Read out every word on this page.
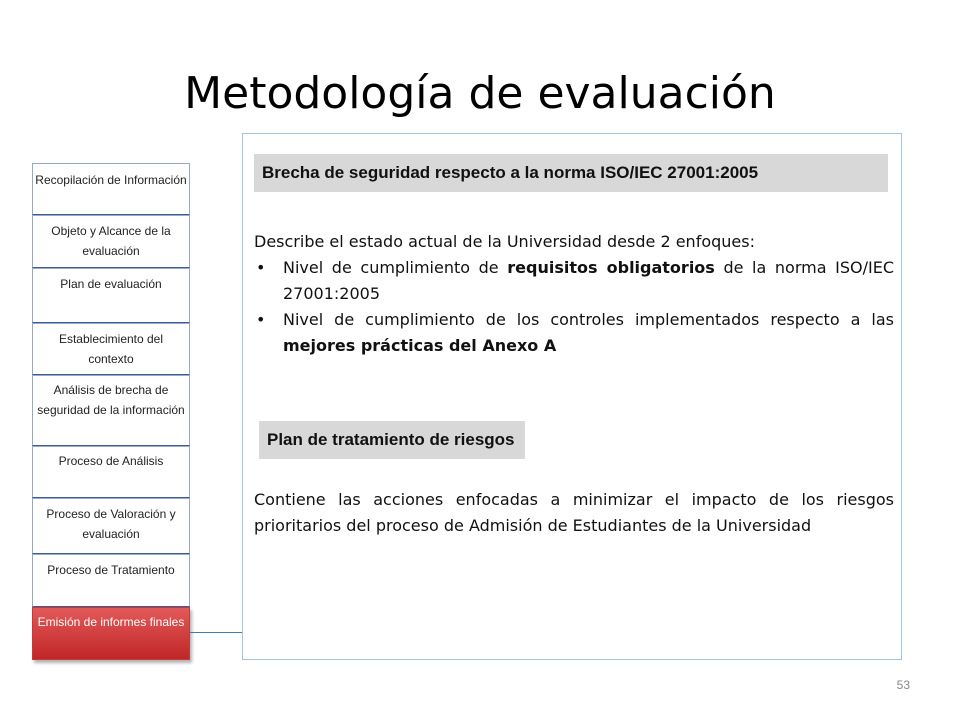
Metodología de evaluación
Recopilación de Información
Objeto y Alcance de la evaluación
Plan de evaluación
Establecimiento del contexto
Análisis de brecha de seguridad de la información
Proceso de Análisis
Proceso de Valoración y evaluación
Proceso de Tratamiento
Emisión de informes finales
Brecha de seguridad respecto a la norma ISO/IEC 27001:2005

Describe el estado actual de la Universidad desde 2 enfoques:

• Nivel de cumplimiento de requisitos obligatorios de la norma ISO/IEC 27001:2005
• Nivel de cumplimiento de los controles implementados respecto a las mejores prácticas del Anexo A
Plan de tratamiento de riesgos

Contiene las acciones enfocadas a minimizar el impacto de los riesgos prioritarios del proceso de Admisión de Estudiantes de la Universidad

53
